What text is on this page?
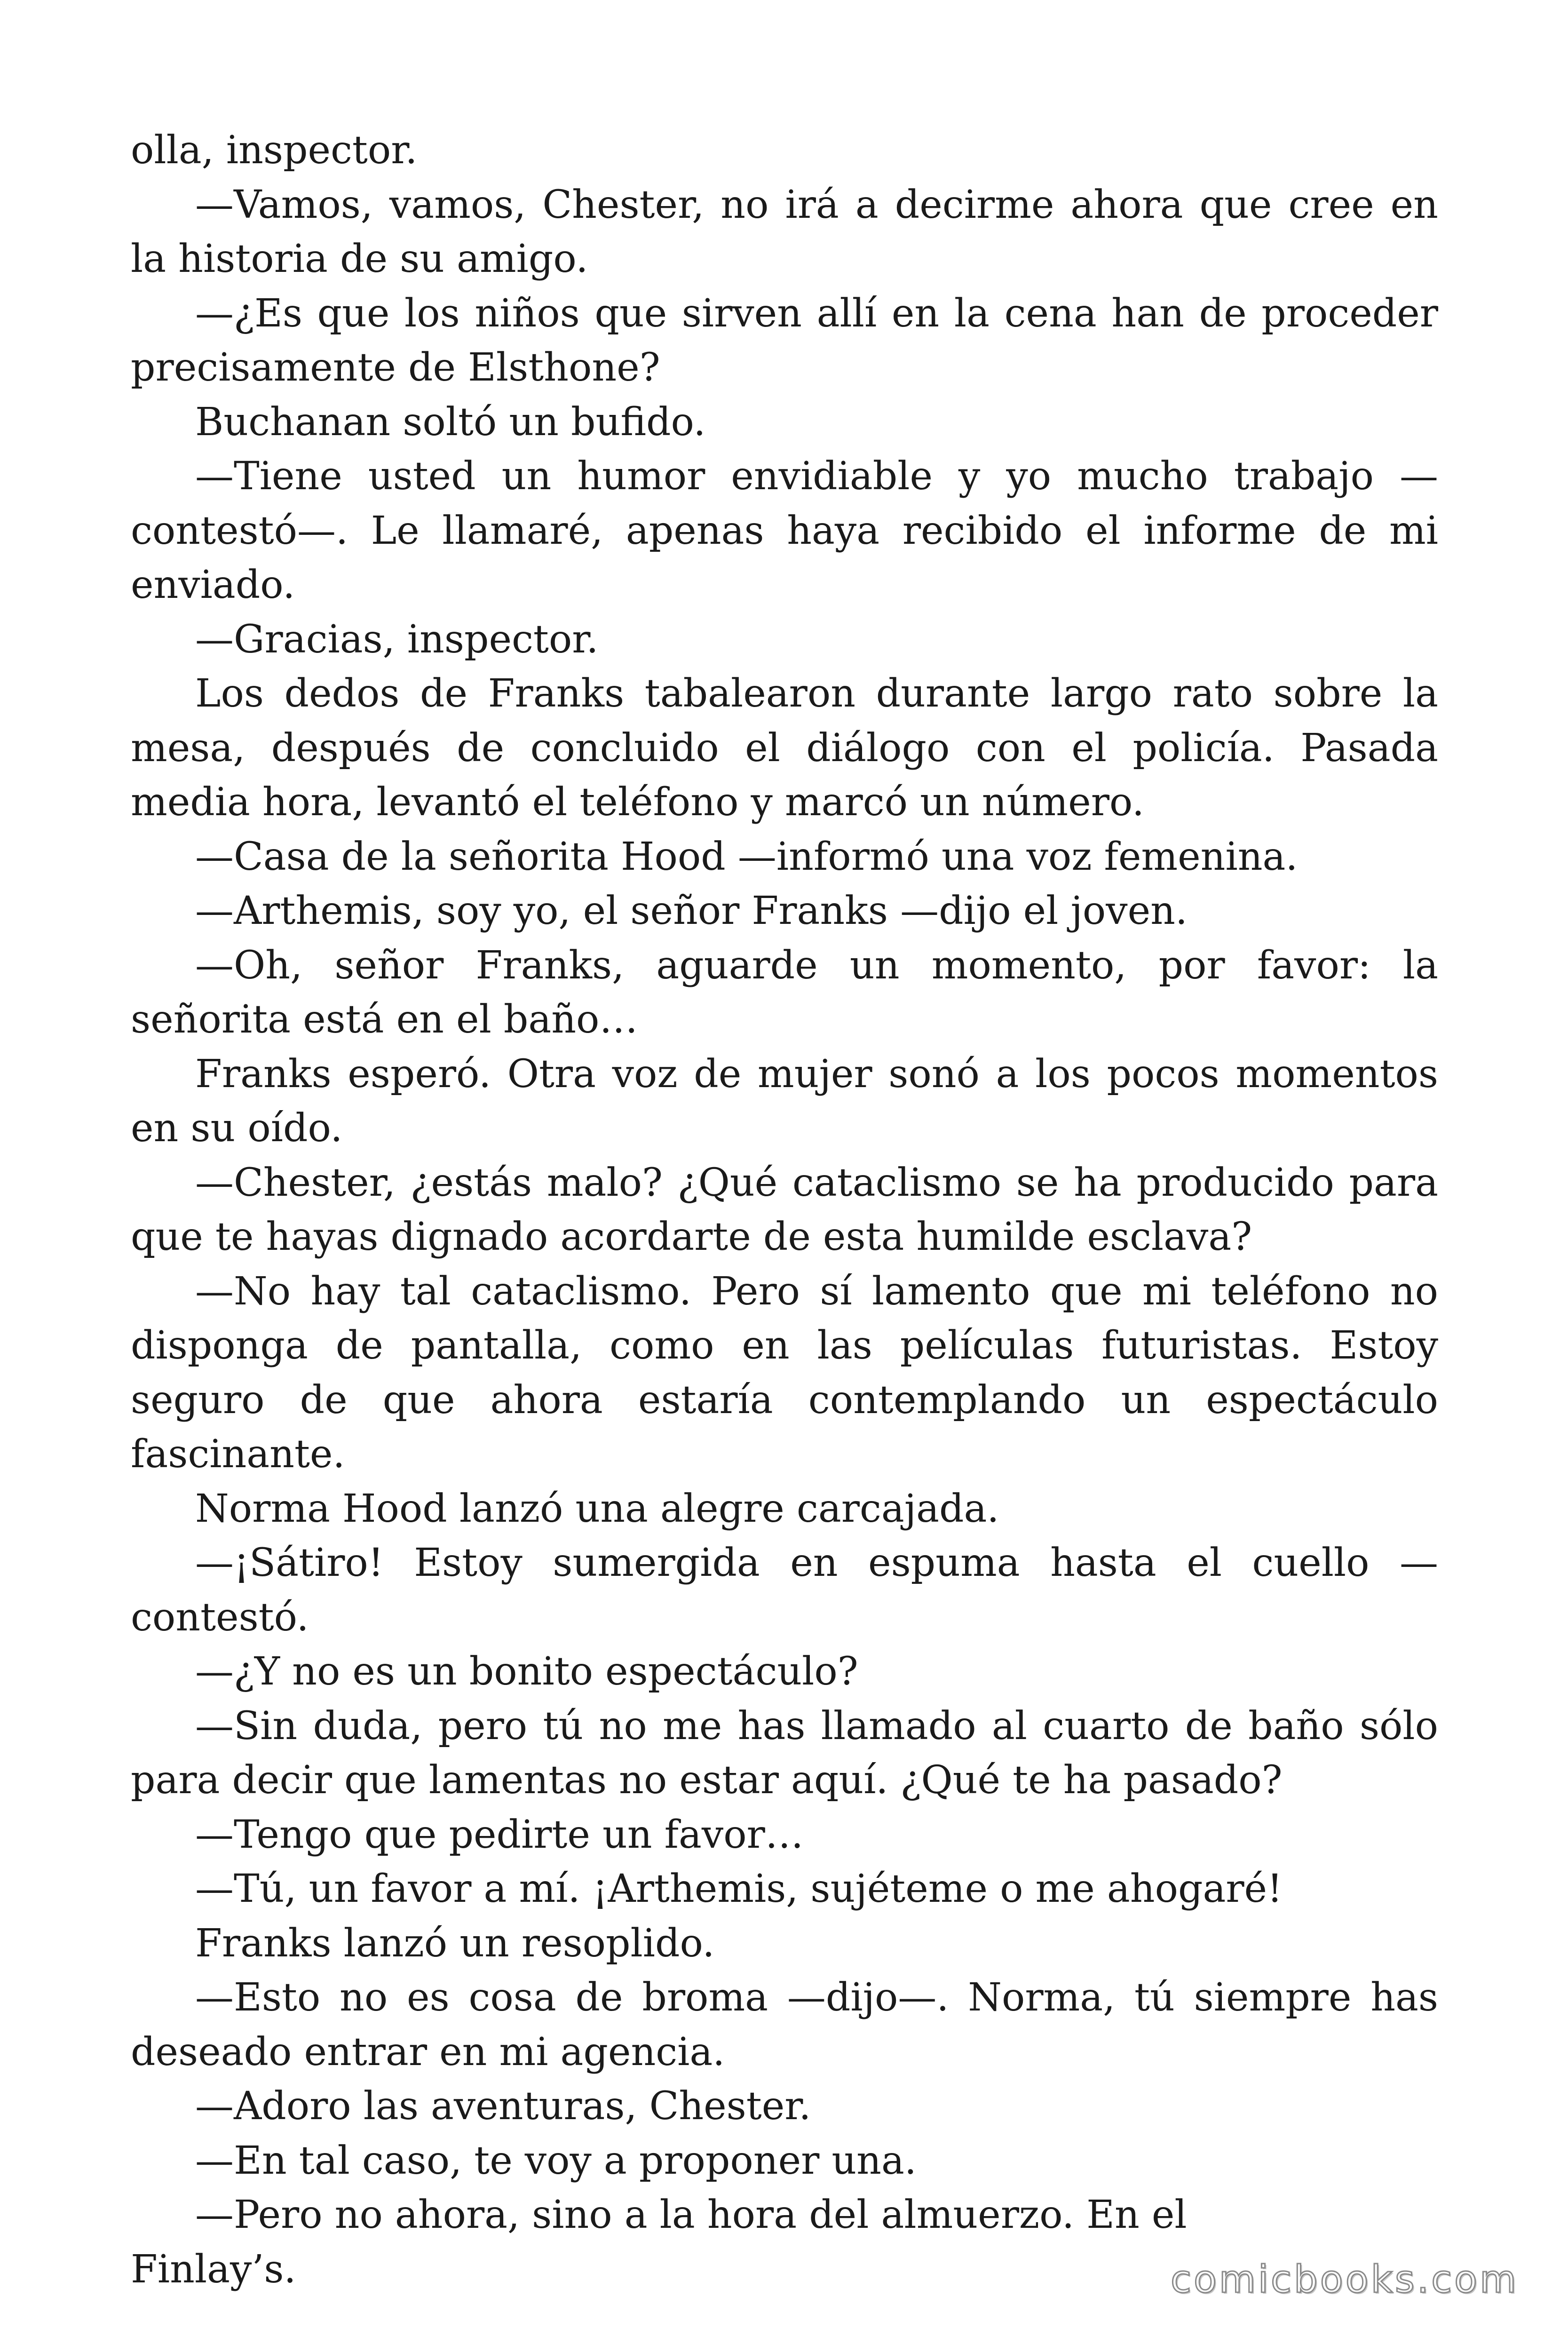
olla, inspector.

—Vamos, vamos, Chester, no irá a decirme ahora que cree en la historia de su amigo.

—¿Es que los niños que sirven allí en la cena han de proceder precisamente de Elsthone?

Buchanan soltó un bufido.

—Tiene usted un humor envidiable y yo mucho trabajo —contestó—. Le llamaré, apenas haya recibido el informe de mi enviado.

—Gracias, inspector.

Los dedos de Franks tabalearon durante largo rato sobre la mesa, después de concluido el diálogo con el policía. Pasada media hora, levantó el teléfono y marcó un número.

—Casa de la señorita Hood —informó una voz femenina.

—Arthemis, soy yo, el señor Franks —dijo el joven.

—Oh, señor Franks, aguarde un momento, por favor: la señorita está en el baño…

Franks esperó. Otra voz de mujer sonó a los pocos momentos en su oído.

—Chester, ¿estás malo? ¿Qué cataclismo se ha producido para que te hayas dignado acordarte de esta humilde esclava?

—No hay tal cataclismo. Pero sí lamento que mi teléfono no disponga de pantalla, como en las películas futuristas. Estoy seguro de que ahora estaría contemplando un espectáculo fascinante.

Norma Hood lanzó una alegre carcajada.

—¡Sátiro! Estoy sumergida en espuma hasta el cuello —contestó.

—¿Y no es un bonito espectáculo?

—Sin duda, pero tú no me has llamado al cuarto de baño sólo para decir que lamentas no estar aquí. ¿Qué te ha pasado?

—Tengo que pedirte un favor…

—Tú, un favor a mí. ¡Arthemis, sujéteme o me ahogaré!

Franks lanzó un resoplido.

—Esto no es cosa de broma —dijo—. Norma, tú siempre has deseado entrar en mi agencia.

—Adoro las aventuras, Chester.

—En tal caso, te voy a proponer una.

—Pero no ahora, sino a la hora del almuerzo. En el

Finlay’s.	comicbooks.com
